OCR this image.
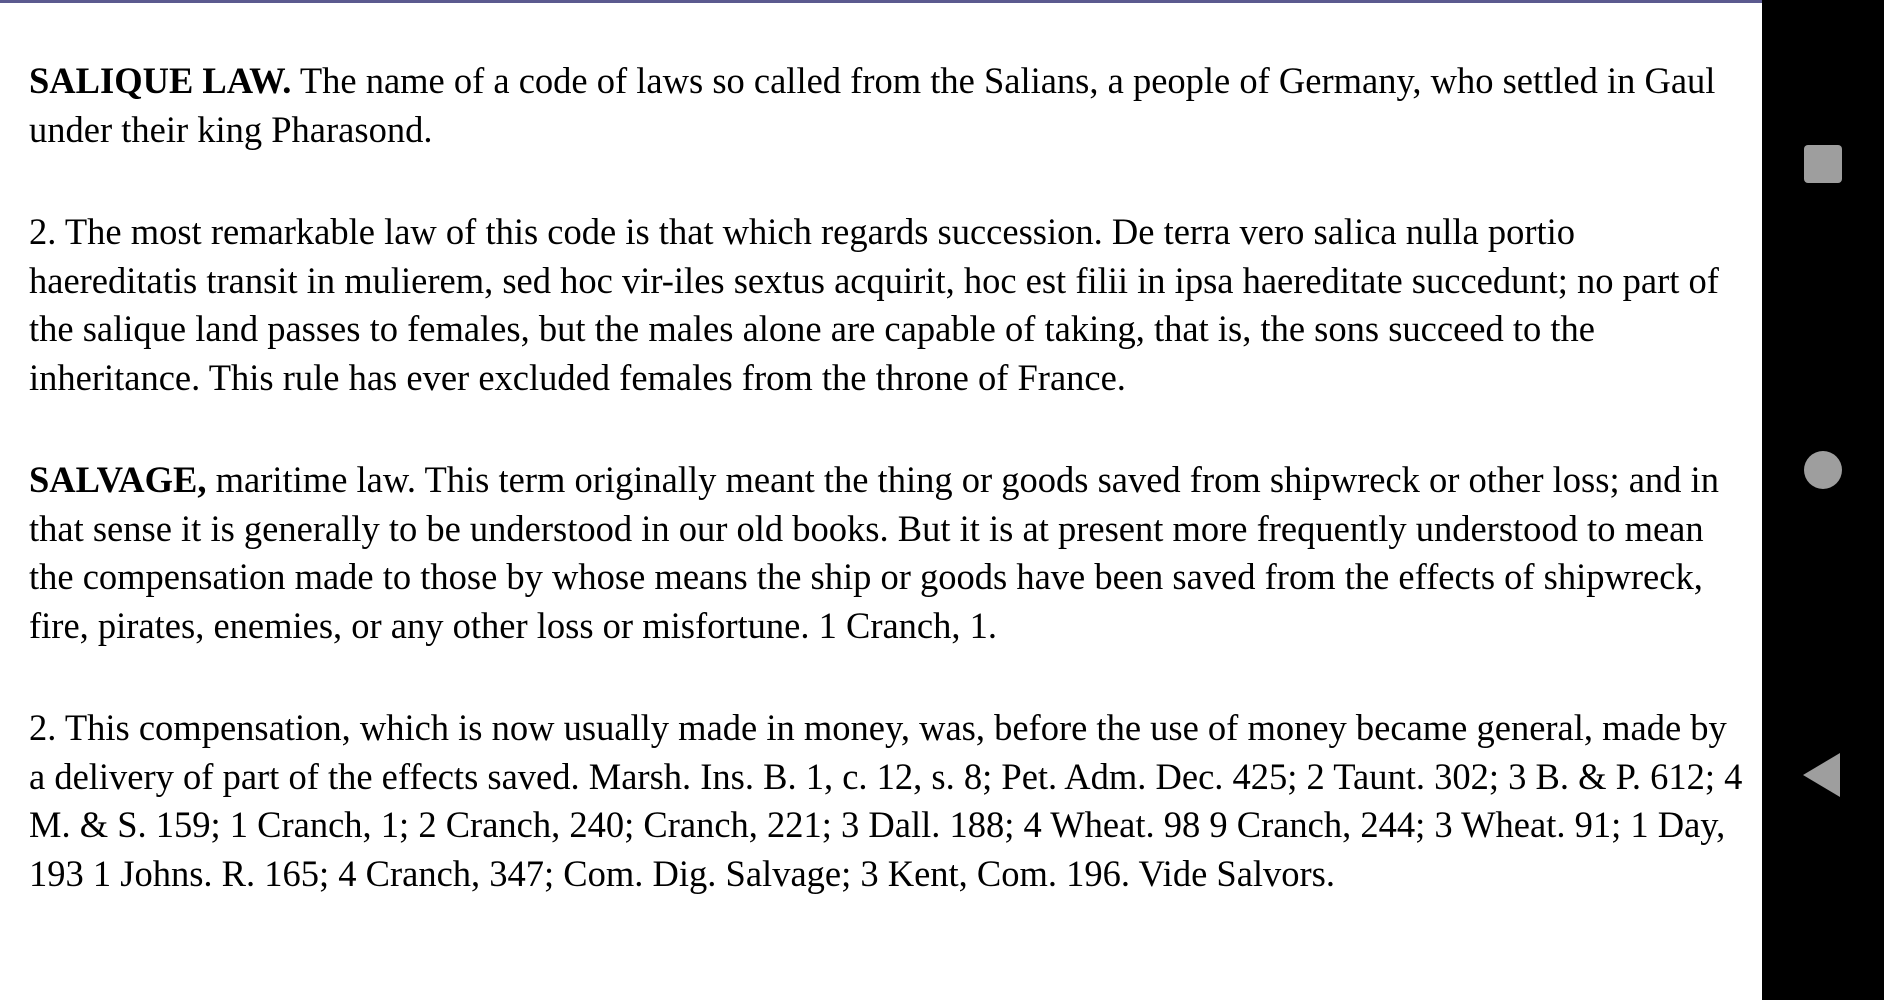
SALIQUE LAW. The name of a code of laws so called from the Salians, a people of Germany, who settled in Gaul under their king Pharasond.

2. The most remarkable law of this code is that which regards succession. De terra vero salica nulla portio haereditatis transit in mulierem, sed hoc vir-iles sextus acquirit, hoc est filii in ipsa haereditate succedunt; no part of the salique land passes to females, but the males alone are capable of taking, that is, the sons succeed to the inheritance. This rule has ever excluded females from the throne of France.

SALVAGE, maritime law. This term originally meant the thing or goods saved from shipwreck or other loss; and in that sense it is generally to be understood in our old books. But it is at present more frequently understood to mean the compensation made to those by whose means the ship or goods have been saved from the effects of shipwreck, fire, pirates, enemies, or any other loss or misfortune. 1 Cranch, 1.

2. This compensation, which is now usually made in money, was, before the use of money became general, made by a delivery of part of the effects saved. Marsh. Ins. B. 1, c. 12, s. 8; Pet. Adm. Dec. 425; 2 Taunt. 302; 3 B. & P. 612; 4 M. & S. 159; 1 Cranch, 1; 2 Cranch, 240; Cranch, 221; 3 Dall. 188; 4 Wheat. 98 9 Cranch, 244; 3 Wheat. 91; 1 Day, 193 1 Johns. R. 165; 4 Cranch, 347; Com. Dig. Salvage; 3 Kent, Com. 196. Vide Salvors.
